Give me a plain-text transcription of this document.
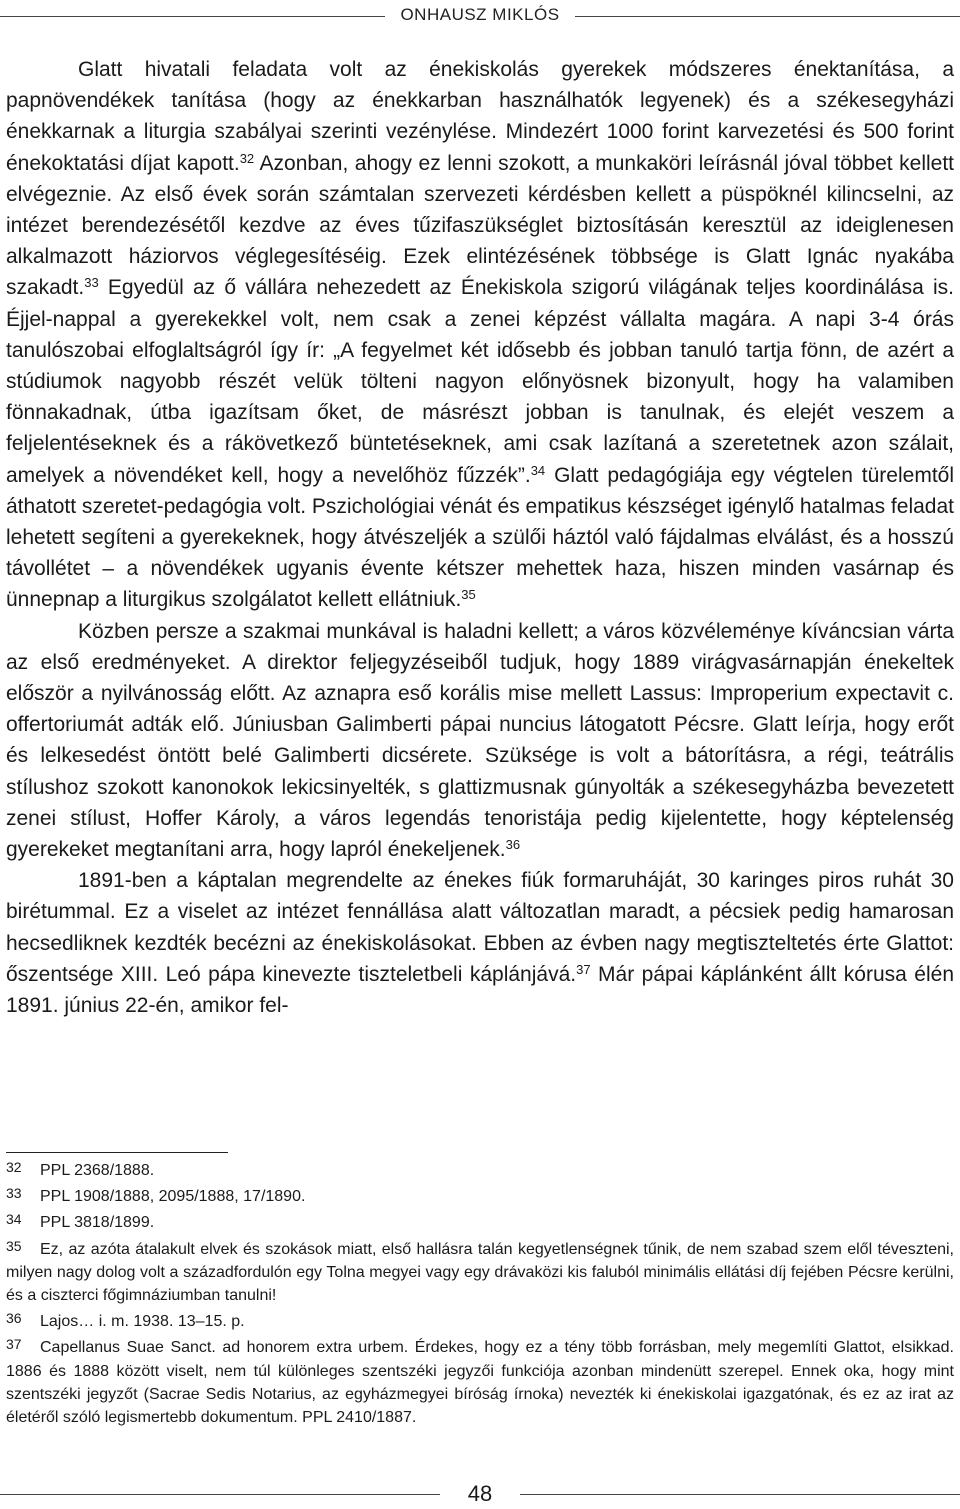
ONHAUSZ MIKLÓS

Glatt hivatali feladata volt az énekiskolás gyerekek módszeres énektanítása, a papnövendékek tanítása (hogy az énekkarban használhatók legyenek) és a székesegyházi énekkarnak a liturgia szabályai szerinti vezénylése. Mindezért 1000 forint karvezetési és 500 forint énekoktatási díjat kapott.$^{32}$ Azonban, ahogy ez lenni szokott, a munkaköri leírásnál jóval többet kellett elvégeznie. Az első évek során számtalan szervezeti kérdésben kellett a püspöknél kilincselni, az intézet berendezésétől kezdve az éves tűzifaszükséglet biztosításán keresztül az ideiglenesen alkalmazott háziorvos véglegesítéséig. Ezek elintézésének többsége is Glatt Ignác nyakába szakadt.$^{33}$ Egyedül az ő vállára nehezedett az Énekiskola szigorú világának teljes koordinálása is. Éjjel-nappal a gyerekekkel volt, nem csak a zenei képzést vállalta magára. A napi 3-4 órás tanulószobai elfoglaltságról így ír: „A fegyelmet két idősebb és jobban tanuló tartja fönn, de azért a stúdiumok nagyobb részét velük tölteni nagyon előnyösnek bizonyult, hogy ha valamiben fönnakadnak, útba igazítsam őket, de másrészt jobban is tanulnak, és elejét veszem a feljelentéseknek és a rákövetkező büntetéseknek, ami csak lazítaná a szeretetnek azon szálait, amelyek a növendéket kell, hogy a nevelőhöz fűzzék”.$^{34}$ Glatt pedagógiája egy végtelen türelemtől áthatott szeretet-pedagógia volt. Pszichológiai vénát és empatikus készséget igénylő hatalmas feladat lehetett segíteni a gyerekeknek, hogy átvészeljék a szülői háztól való fájdalmas elválást, és a hosszú távollétet – a növendékek ugyanis évente kétszer mehettek haza, hiszen minden vasárnap és ünnepnap a liturgikus szolgálatot kellett ellátniuk.$^{35}$

Közben persze a szakmai munkával is haladni kellett; a város közvéleménye kíváncsian várta az első eredményeket. A direktor feljegyzéseiből tudjuk, hogy 1889 virágvasárnapján énekeltek először a nyilvánosság előtt. Az aznapra eső korális mise mellett Lassus: Improperium expectavit c. offertoriumát adták elő. Júniusban Galimberti pápai nuncius látogatott Pécsre. Glatt leírja, hogy erőt és lelkesedést öntött belé Galimberti dicsérete. Szüksége is volt a bátorításra, a régi, teátrális stílushoz szokott kanonokok lekicsinyelték, s glattizmusnak gúnyolták a székesegyházba bevezetett zenei stílust, Hoffer Károly, a város legendás tenoristája pedig kijelentette, hogy képtelenség gyerekeket megtanítani arra, hogy lapról énekeljenek.$^{36}$

1891-ben a káptalan megrendelte az énekes fiúk formaruháját, 30 karinges piros ruhát 30 birétummal. Ez a viselet az intézet fennállása alatt változatlan maradt, a pécsiek pedig hamarosan hecsedliknek kezdték becézni az énekiskolásokat. Ebben az évben nagy megtiszteltetés érte Glattot: őszentsége XIII. Leó pápa kinevezte tiszteletbeli káplánjává.$^{37}$ Már pápai káplánként állt kórusa élén 1891. június 22-én, amikor fel-

32 PPL 2368/1888.

33 PPL 1908/1888, 2095/1888, 17/1890.

34 PPL 3818/1899.

35 Ez, az azóta átalakult elvek és szokások miatt, első hallásra talán kegyetlenségnek tűnik, de nem szabad szem elől téveszteni, milyen nagy dolog volt a századfordulón egy Tolna megyei vagy egy drávaközi kis faluból minimális ellátási díj fejében Pécsre kerülni, és a ciszterci főgimnáziumban tanulni!

36 Lajos… i. m. 1938. 13–15. p.

37 Capellanus Suae Sanct. ad honorem extra urbem. Érdekes, hogy ez a tény több forrásban, mely megemlíti Glattot, elsikkad. 1886 és 1888 között viselt, nem túl különleges szentszéki jegyzői funkciója azonban mindenütt szerepel. Ennek oka, hogy mint szentszéki jegyzőt (Sacrae Sedis Notarius, az egyházmegyei bíróság írnoka) nevezték ki énekiskolai igazgatónak, és ez az irat az életéről szóló legismertebb dokumentum. PPL 2410/1887.

48
